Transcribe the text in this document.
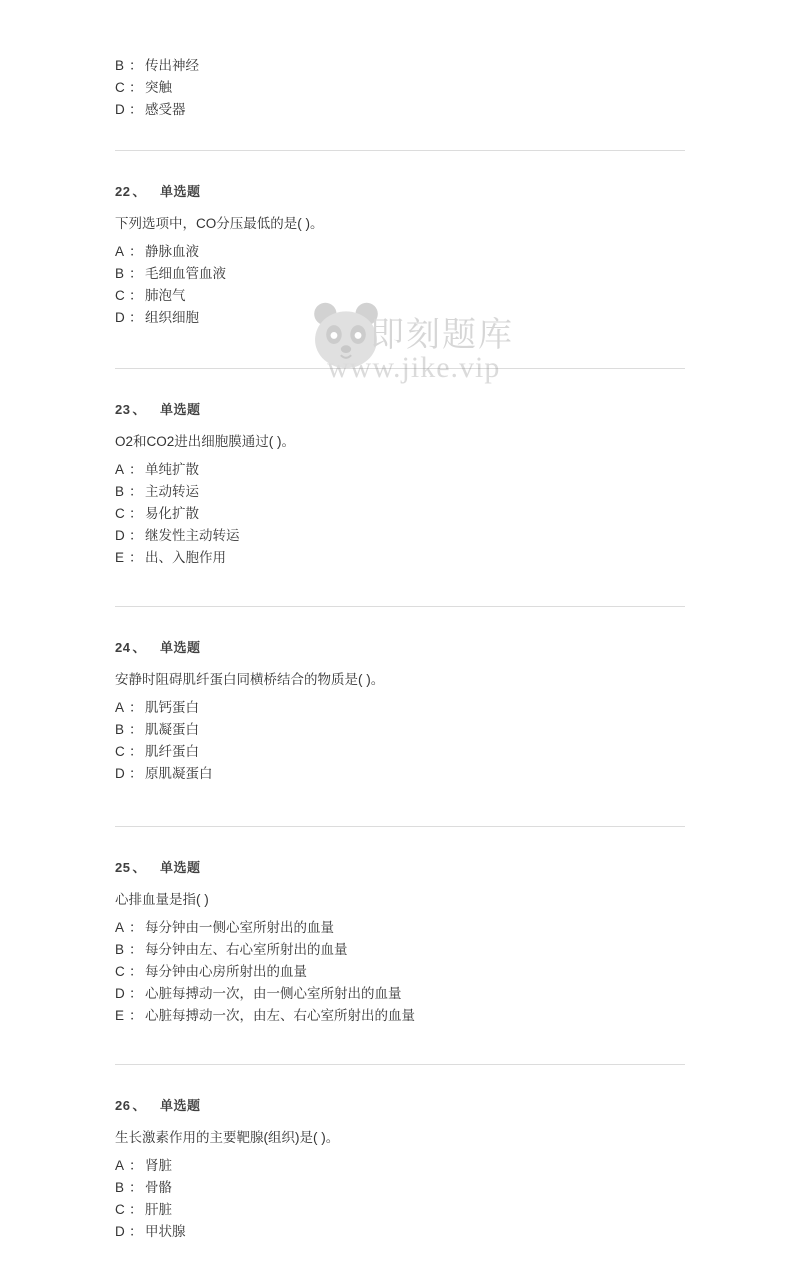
即刻题库
www.jike.vip
B ： 传出神经
C ： 突触
D ： 感受器
22 、 单选题
下列选项中，CO分压最低的是( )。
A ： 静脉血液
B ： 毛细血管血液
C ： 肺泡气
D ： 组织细胞
23 、 单选题
O2和CO2进出细胞膜通过( )。
A ： 单纯扩散
B ： 主动转运
C ： 易化扩散
D ： 继发性主动转运
E ： 出、入胞作用
24 、 单选题
安静时阻碍肌纤蛋白同横桥结合的物质是( )。
A ： 肌钙蛋白
B ： 肌凝蛋白
C ： 肌纤蛋白
D ： 原肌凝蛋白
25 、 单选题
心排血量是指( )
A ： 每分钟由一侧心室所射出的血量
B ： 每分钟由左、右心室所射出的血量
C ： 每分钟由心房所射出的血量
D ： 心脏每搏动一次，由一侧心室所射出的血量
E ： 心脏每搏动一次，由左、右心室所射出的血量
26 、 单选题
生长激素作用的主要靶腺(组织)是( )。
A ： 肾脏
B ： 骨骼
C ： 肝脏
D ： 甲状腺
